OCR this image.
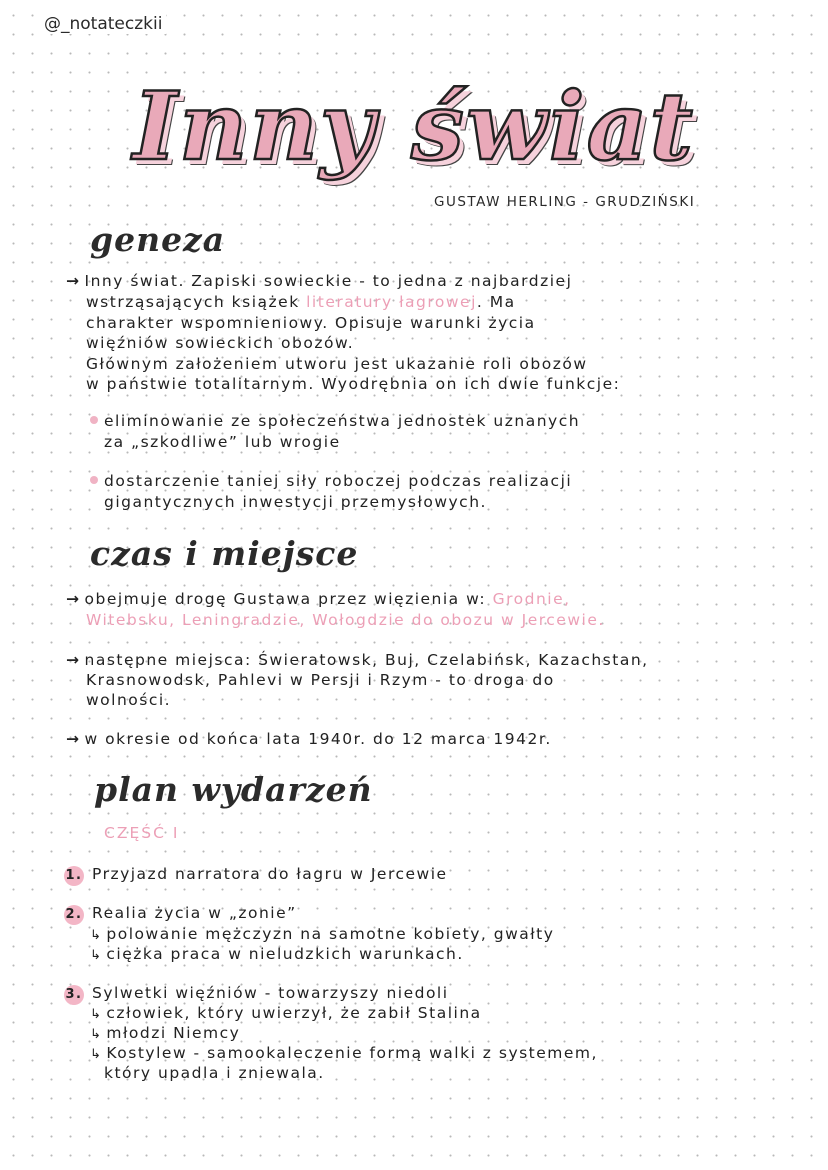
@_notateczkii
Inny świat
GUSTAW HERLING - GRUDZIŃSKI
geneza
→ Inny świat. Zapiski sowieckie - to jedna z najbardziej
wstrząsających książek literatury łagrowej. Ma
charakter wspomnieniowy. Opisuje warunki życia
więźniów sowieckich obozów.
Głównym założeniem utworu jest ukazanie roli obozów
w państwie totalitarnym. Wyodrębnia on ich dwie funkcje:
eliminowanie ze społeczeństwa jednostek uznanych
za „szkodliwe” lub wrogie
dostarczenie taniej siły roboczej podczas realizacji
gigantycznych inwestycji przemysłowych.
czas i miejsce
→ obejmuje drogę Gustawa przez więzienia w: Grodnie,
Witebsku, Leningradzie, Wołogdzie do obozu w Jercewie.
→ następne miejsca: Świeratowsk, Buj, Czelabińsk, Kazachstan,
Krasnowodsk, Pahlevi w Persji i Rzym - to droga do
wolności.
→ w okresie od końca lata 1940r. do 12 marca 1942r.
plan wydarzeń
CZĘŚĆ I
1. Przyjazd narratora do łagru w Jercewie
2. Realia życia w „zonie”
↳ polowanie mężczyzn na samotne kobiety, gwałty
↳ ciężka praca w nieludzkich warunkach.
3. Sylwetki więźniów - towarzyszy niedoli
↳ człowiek, który uwierzył, że zabił Stalina
↳ młodzi Niemcy
↳ Kostylew - samookaleczenie formą walki z systemem,
który upadla i zniewala.
